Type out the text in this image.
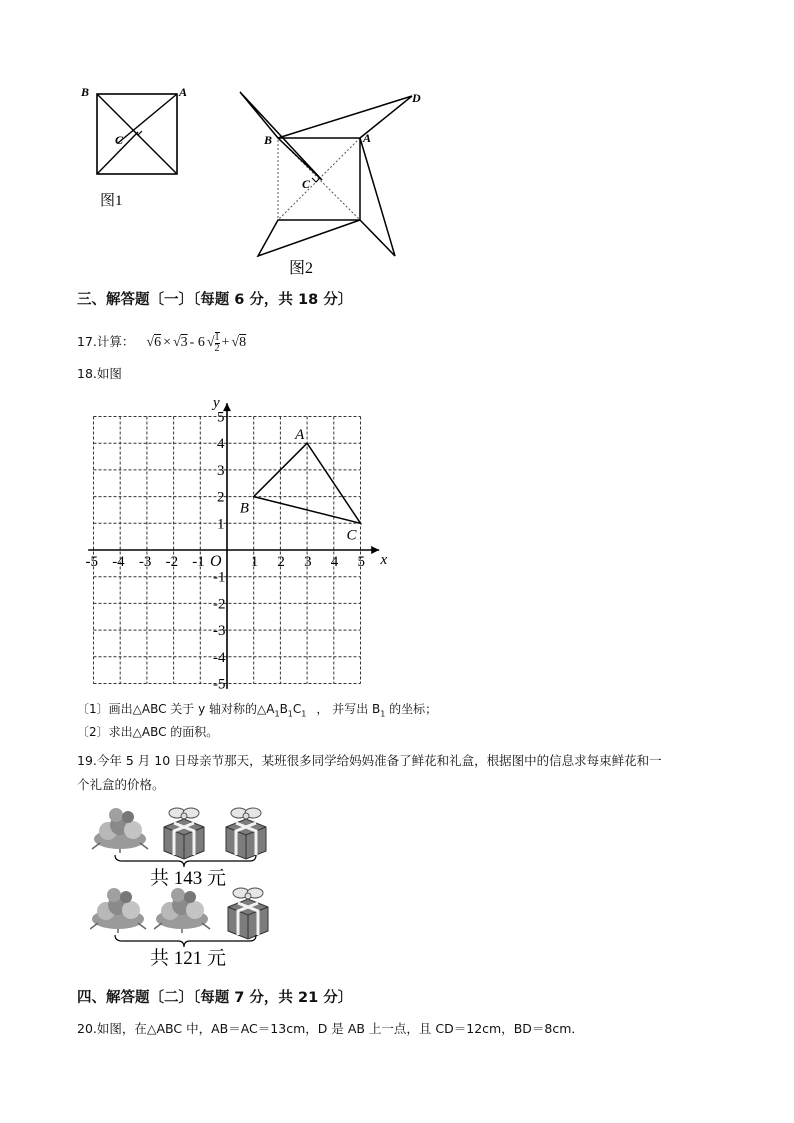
B	A
C
图1
B	A
D
C
图2
三、解答题〔一〕〔每题 6 分，共 18 分〕
17.计算： √6 × √3 - 6 √ $\frac{1}{2} + √8$
18.如图
x
y
O
-5 -4 -3 -2 -1	1 2 3 4 5
5
4
3
2
1
-1
-2
-3
-4
-5
A
B
C
〔1〕画出△ABC 关于 y 轴对称的$\triangle A_1B_1C_1$ ， 并写出 $B_1$ 的坐标；
〔2〕求出△ABC 的面积。
19.今年 5 月 10 日母亲节那天，某班很多同学给妈妈准备了鲜花和礼盒，根据图中的信息求每束鲜花和一
个礼盒的价格。
共 143 元
共 121 元
四、解答题〔二〕〔每题 7 分，共 21 分〕
20.如图，在△ABC 中，AB＝AC＝13cm，D 是 AB 上一点，且 CD＝12cm，BD＝8cm．
